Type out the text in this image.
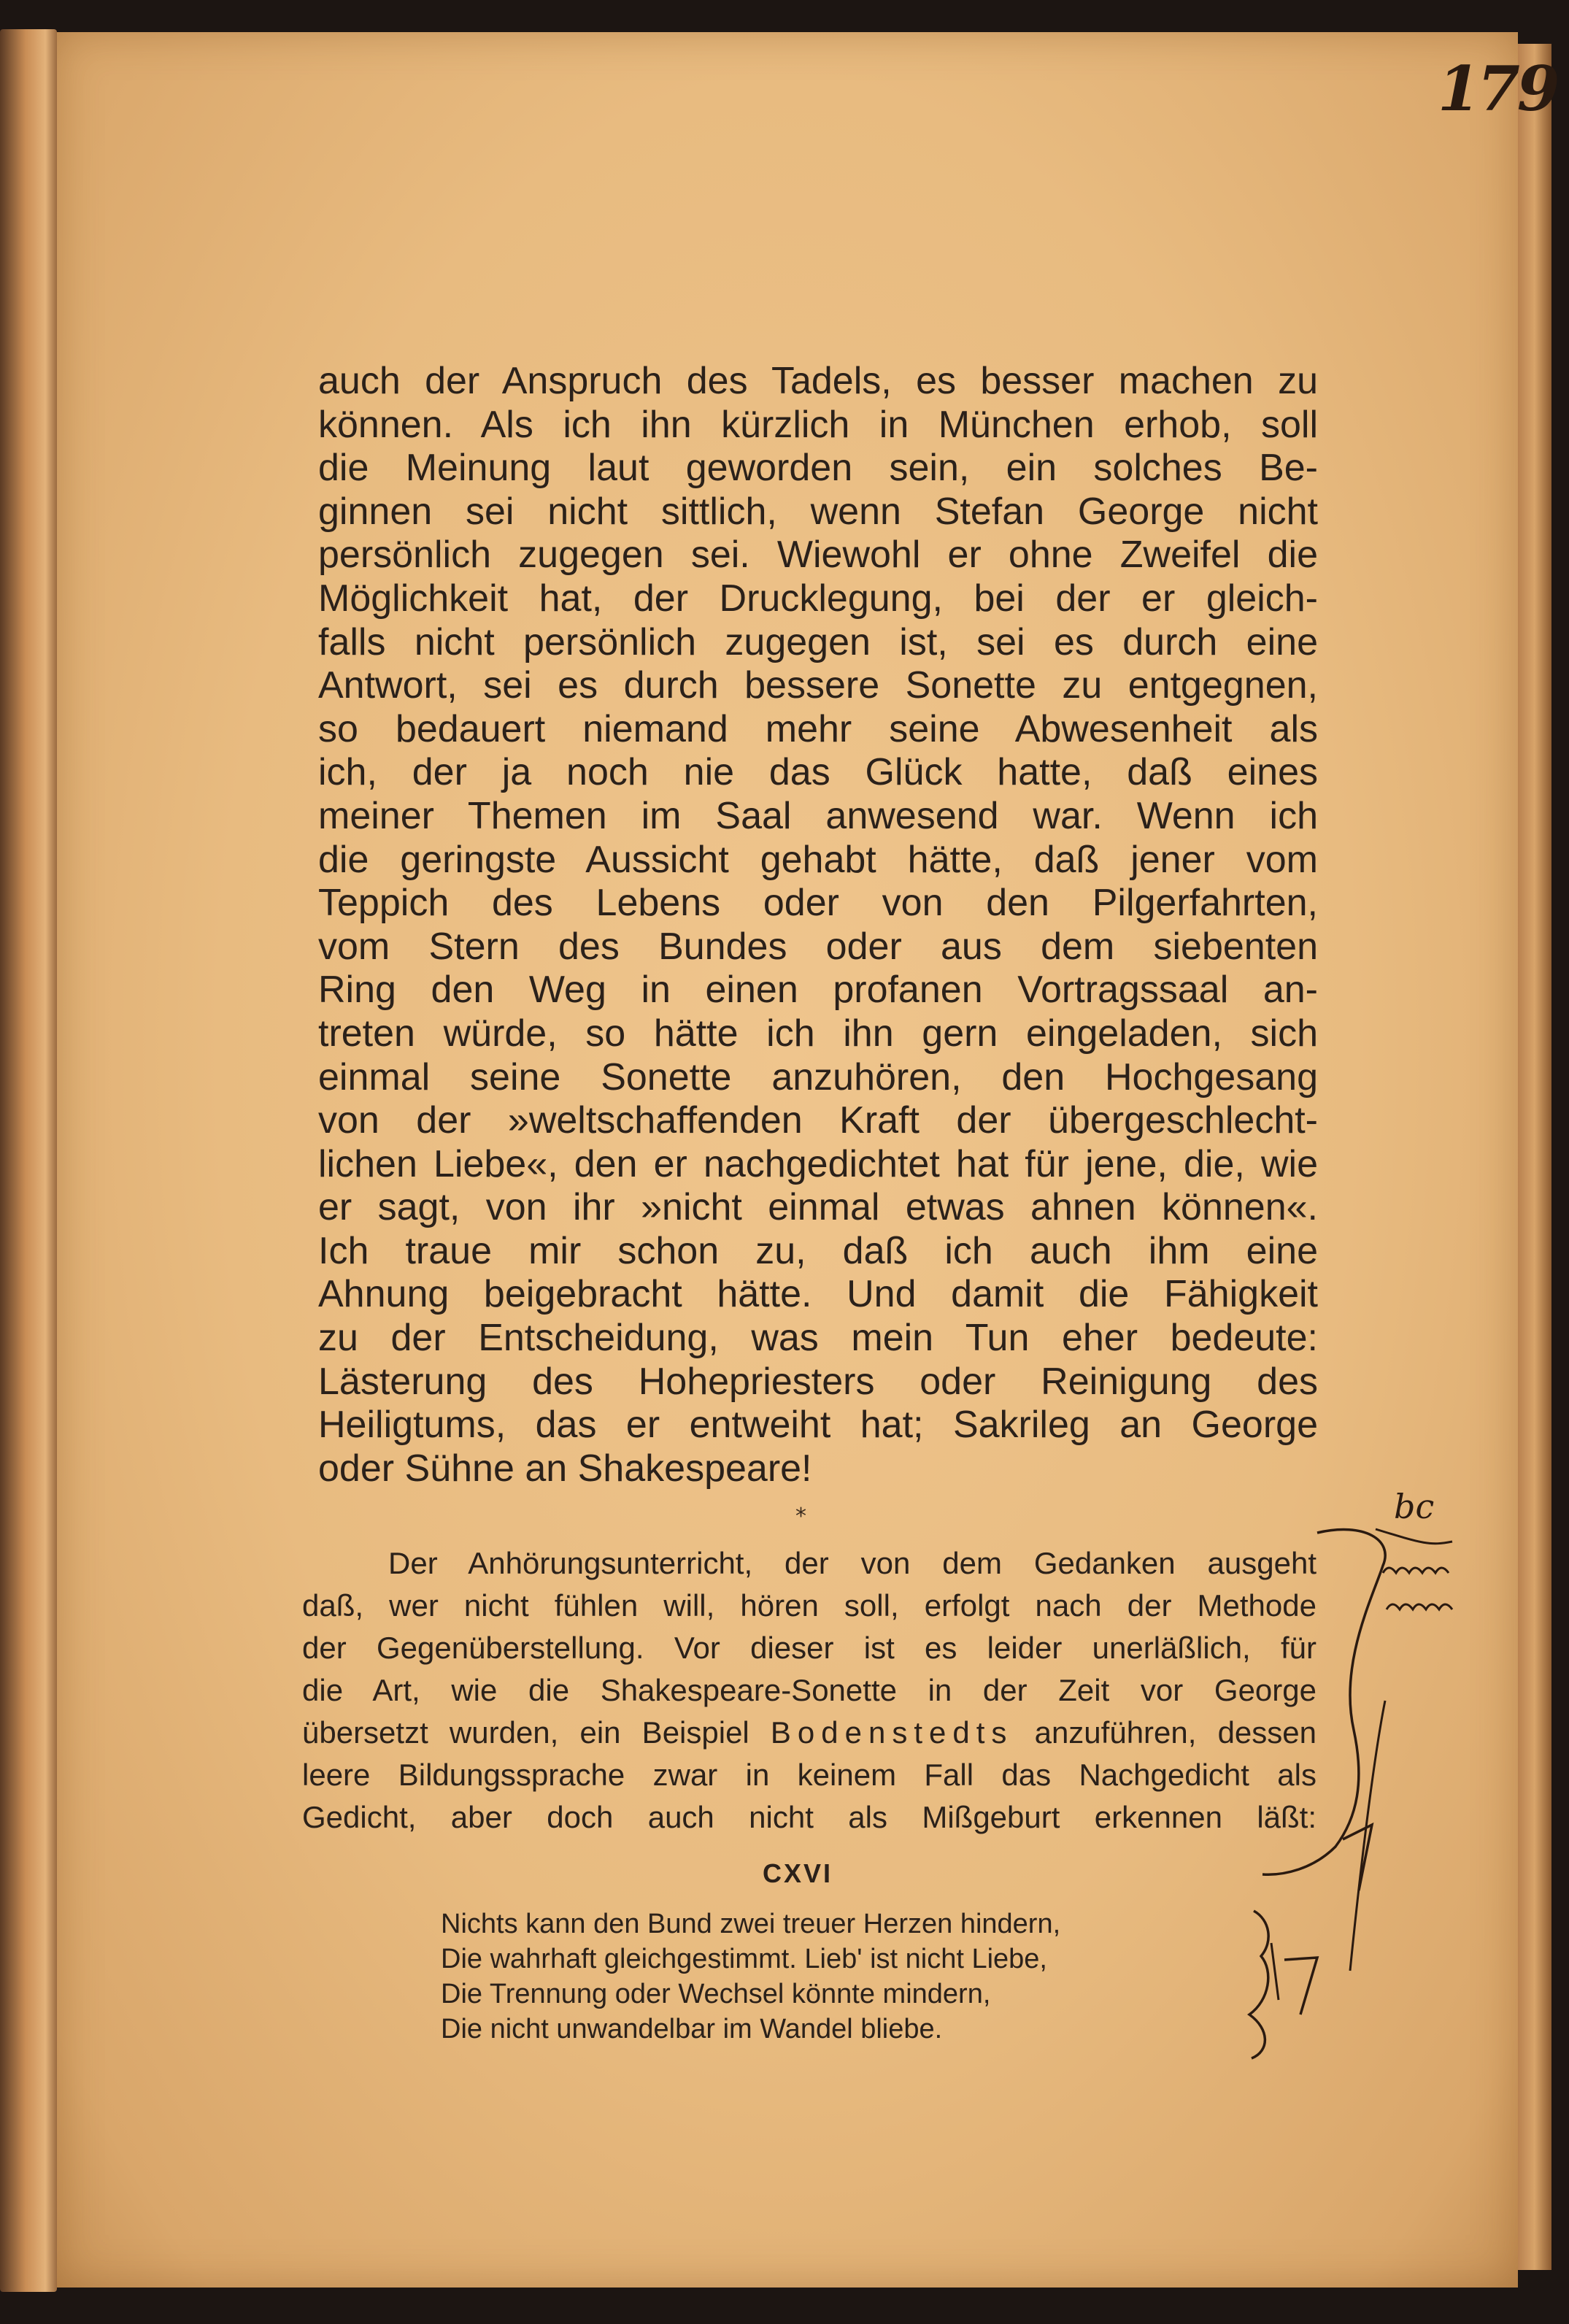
179
auch der Anspruch des Tadels, es besser machen zu
können. Als ich ihn kürzlich in München erhob, soll
die Meinung laut geworden sein, ein solches Be-
ginnen sei nicht sittlich, wenn Stefan George nicht
persönlich zugegen sei. Wiewohl er ohne Zweifel die
Möglichkeit hat, der Drucklegung, bei der er gleich-
falls nicht persönlich zugegen ist, sei es durch eine
Antwort, sei es durch bessere Sonette zu entgegnen,
so bedauert niemand mehr seine Abwesenheit als
ich, der ja noch nie das Glück hatte, daß eines
meiner Themen im Saal anwesend war. Wenn ich
die geringste Aussicht gehabt hätte, daß jener vom
Teppich des Lebens oder von den Pilgerfahrten,
vom Stern des Bundes oder aus dem siebenten
Ring den Weg in einen profanen Vortragssaal an-
treten würde, so hätte ich ihn gern eingeladen, sich
einmal seine Sonette anzuhören, den Hochgesang
von der »weltschaffenden Kraft der übergeschlecht-
lichen Liebe«, den er nachgedichtet hat für jene, die, wie
er sagt, von ihr »nicht einmal etwas ahnen können«.
Ich traue mir schon zu, daß ich auch ihm eine
Ahnung beigebracht hätte. Und damit die Fähigkeit
zu der Entscheidung, was mein Tun eher bedeute:
Lästerung des Hohepriesters oder Reinigung des
Heiligtums, das er entweiht hat; Sakrileg an George
oder Sühne an Shakespeare!
*
Der Anhörungsunterricht, der von dem Gedanken ausgeht
daß, wer nicht fühlen will, hören soll, erfolgt nach der Methode
der Gegenüberstellung. Vor dieser ist es leider unerläßlich, für
die Art, wie die Shakespeare-Sonette in der Zeit vor George
übersetzt wurden, ein Beispiel Bodenstedts anzuführen, dessen
leere Bildungssprache zwar in keinem Fall das Nachgedicht als
Gedicht, aber doch auch nicht als Mißgeburt erkennen läßt:
CXVI
Nichts kann den Bund zwei treuer Herzen hindern,
Die wahrhaft gleichgestimmt. Lieb' ist nicht Liebe,
Die Trennung oder Wechsel könnte mindern,
Die nicht unwandelbar im Wandel bliebe.
bc
